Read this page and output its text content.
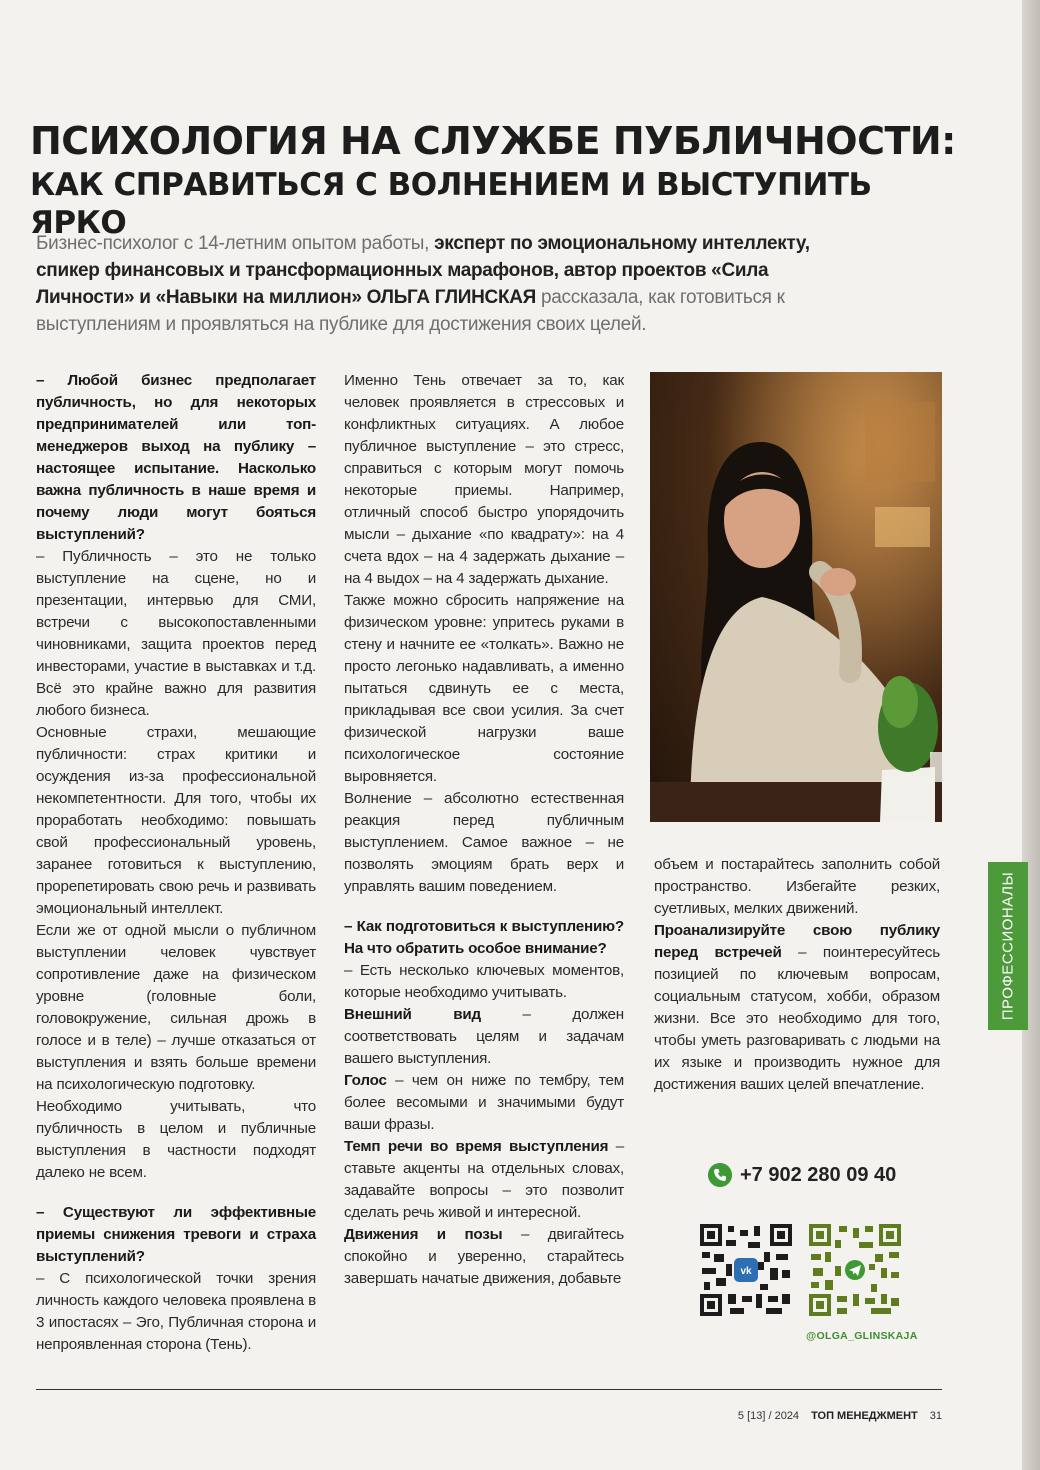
ПСИХОЛОГИЯ НА СЛУЖБЕ ПУБЛИЧНОСТИ:
КАК СПРАВИТЬСЯ С ВОЛНЕНИЕМ И ВЫСТУПИТЬ ЯРКО

Бизнес-психолог с 14-летним опытом работы, эксперт по эмоциональному интеллекту, спикер финансовых и трансформационных марафонов, автор проектов «Сила Личности» и «Навыки на миллион» ОЛЬГА ГЛИНСКАЯ рассказала, как готовиться к выступлениям и проявляться на публике для достижения своих целей.

– Любой бизнес предполагает публичность, но для некоторых предпринимателей или топ-менеджеров выход на публику – настоящее испытание. Насколько важна публичность в наше время и почему люди могут бояться выступлений?

– Публичность – это не только выступление на сцене, но и презентации, интервью для СМИ, встречи с высокопоставленными чиновниками, защита проектов перед инвесторами, участие в выставках и т.д. Всё это крайне важно для развития любого бизнеса.

Основные страхи, мешающие публичности: страх критики и осуждения из-за профессиональной некомпетентности. Для того, чтобы их проработать необходимо: повышать свой профессиональный уровень, заранее готовиться к выступлению, прорепетировать свою речь и развивать эмоциональный интеллект.

Если же от одной мысли о публичном выступлении человек чувствует сопротивление даже на физическом уровне (головные боли, головокружение, сильная дрожь в голосе и в теле) – лучше отказаться от выступления и взять больше времени на психологическую подготовку.

Необходимо учитывать, что публичность в целом и публичные выступления в частности подходят далеко не всем.

– Существуют ли эффективные приемы снижения тревоги и страха выступлений?

– С психологической точки зрения личность каждого человека проявлена в 3 ипостасях – Эго, Публичная сторона и непроявленная сторона (Тень).

Именно Тень отвечает за то, как человек проявляется в стрессовых и конфликтных ситуациях. А любое публичное выступление – это стресс, справиться с которым могут помочь некоторые приемы. Например, отличный способ быстро упорядочить мысли – дыхание «по квадрату»: на 4 счета вдох – на 4 задержать дыхание – на 4 выдох – на 4 задержать дыхание.

Также можно сбросить напряжение на физическом уровне: упритесь руками в стену и начните ее «толкать». Важно не просто легонько надавливать, а именно пытаться сдвинуть ее с места, прикладывая все свои усилия. За счет физической нагрузки ваше психологическое состояние выровняется.

Волнение – абсолютно естественная реакция перед публичным выступлением. Самое важное – не позволять эмоциям брать верх и управлять вашим поведением.

– Как подготовиться к выступлению? На что обратить особое внимание?

– Есть несколько ключевых моментов, которые необходимо учитывать.

Внешний вид – должен соответствовать целям и задачам вашего выступления.

Голос – чем он ниже по тембру, тем более весомыми и значимыми будут ваши фразы.

Темп речи во время выступления – ставьте акценты на отдельных словах, задавайте вопросы – это позволит сделать речь живой и интересной.

Движения и позы – двигайтесь спокойно и уверенно, старайтесь завершать начатые движения, добавьте

объем и постарайтесь заполнить собой пространство. Избегайте резких, суетливых, мелких движений.

Проанализируйте свою публику перед встречей – поинтересуйтесь позицией по ключевым вопросам, социальным статусом, хобби, образом жизни. Все это необходимо для того, чтобы уметь разговаривать с людьми на их языке и производить нужное для достижения ваших целей впечатление.

ПРОФЕССИОНАЛЫ
+7 902 280 09 40
vk
@OLGA_GLINSKAJA
5 [13] / 2024 ТОП МЕНЕДЖМЕНТ 31
